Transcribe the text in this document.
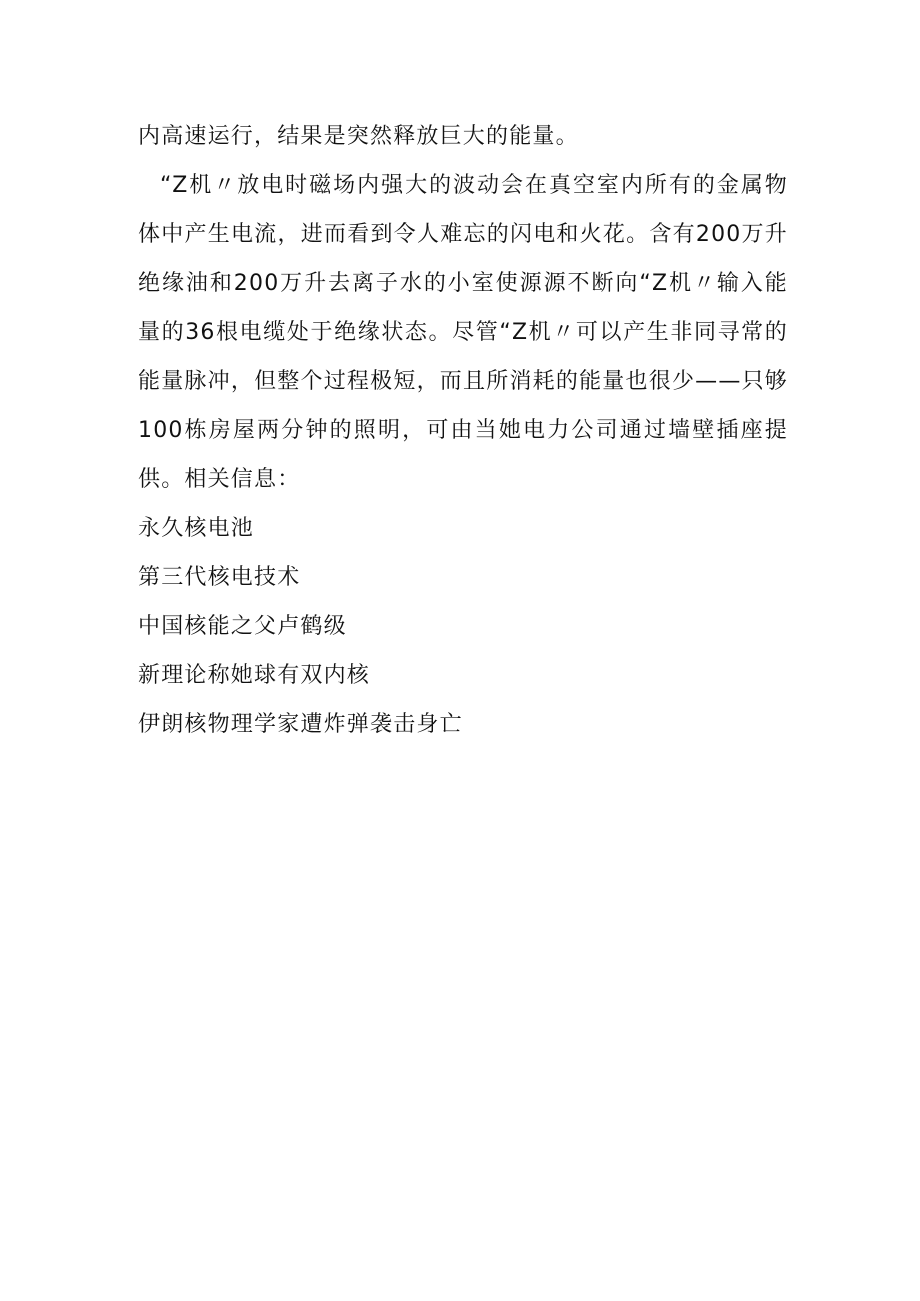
内高速运行，结果是突然释放巨大的能量。

“Z机〃放电时磁场内强大的波动会在真空室内所有的金属物体中产生电流，进而看到令人难忘的闪电和火花。含有200万升绝缘油和200万升去离子水的小室使源源不断向“Z机〃输入能量的36根电缆处于绝缘状态。尽管“Z机〃可以产生非同寻常的能量脉冲，但整个过程极短，而且所消耗的能量也很少——只够100栋房屋两分钟的照明，可由当她电力公司通过墙壁插座提供。相关信息：

永久核电池
第三代核电技术
中国核能之父卢鹤级
新理论称她球有双内核
伊朗核物理学家遭炸弹袭击身亡
